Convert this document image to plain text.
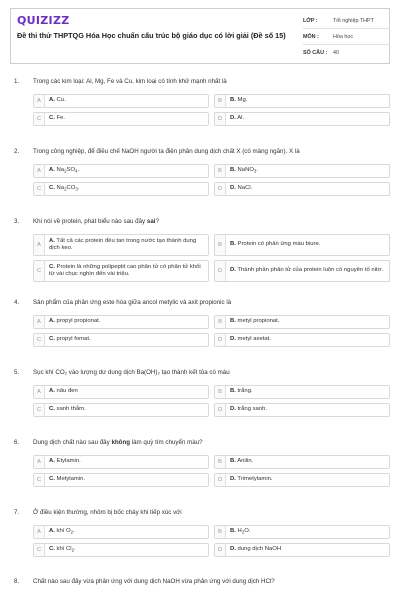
QUIZIZZ
Đề thi thử THPTQG Hóa Học chuẩn cấu trúc bộ giáo dục có lời giải (Đề số 15)
LỚP :	Tốt nghiệp THPT
MÔN :	Hóa học
SỐ CÂU :	40
1.	Trong các kim loại: Al, Mg, Fe và Cu, kim loại có tính khử mạnh nhất là
A	A. Cu.	B	B. Mg.
C	C. Fe.	D	D. Al.
2.	Trong công nghiệp, để điều chế NaOH người ta điện phân dung dịch chất X (có màng ngăn). X là
A	A. $Na_2SO_4$.	B	B. NaNO$_3$.
C	C. $Na_2CO_3$.	D	D. NaCl.
3.	Khi nói về protein, phát biểu nào sau đây sai?
A
A. Tất cả các protein đều tan trong nước tạo thành dung dịch keo.	B	B. Protein có phản ứng màu biure.
C
C. Protein là những polipeptit cao phân tử có phân tử khối từ vài chục nghìn đến vài triệu.	D	D. Thành phần phân tử của protein luôn có nguyên tố nitơ.
4.	Sản phẩm của phản ứng este hóa giữa ancol metylic và axit propionic là
A	A. propyl propionat.	B	B. metyl propionat.
C	C. propyl fomat.	D	D. metyl axetat.
5.	Sục khí CO₂ vào lượng dư dung dịch Ba(OH)₂ tạo thành kết tủa có màu
A	A. nâu đen	B	B. trắng.
C	C. xanh thẫm.	D	D. trắng xanh.
6.	Dung dịch chất nào sau đây không làm quỳ tím chuyển màu?
A	A. Etylamin.	B	B. Anilin.
C	C. Metylamin.	D	D. Trimetylamin.
7.	Ở điều kiện thường, nhôm bị bốc cháy khi tiếp xúc với
A	A. khí $O_2$.	B	B. $H_2O$.
C	C. khí $Cl_2$.	D	D. dung dịch NaOH
8.	Chất nào sau đây vừa phản ứng với dung dịch NaOH vừa phản ứng với dung dịch HCl?
